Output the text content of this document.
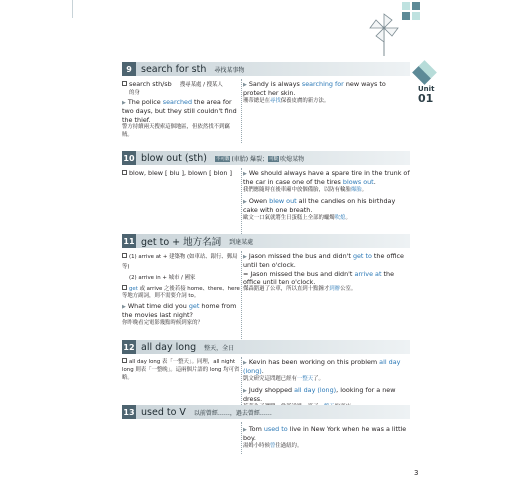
Unit
01
9 search for sth 尋找某事物
search sth/sb 搜尋某處 / 搜某人
的身
▶ The police searched the area for two days, but they still couldn't find the thief.
警方持續兩天搜索這個地區，但依然找不到竊賊。
▶ Sandy is always searching for new ways to protect her skin.
珊蒂總是在尋找保養皮膚的新方法。
10 blow out (sth) 不可數 (車胎) 爆裂；可數 吹熄某物
blow, blew [ blu ], blown [ blon ]	▶ We should always have a spare tire in the trunk of the car in case one of the tires blows out.
我們應隨時在後車廂中放個備胎，以防有輪胎爆胎。
▶ Owen blew out all the candles on his birthday cake with one breath.
歐文一口氣就將生日蛋糕上全部的蠟燭吹熄。
11 get to + 地方名詞 到達某處
(1) arrive at + 建築物 (如車站、銀行、郵局等)
(2) arrive in + 城市 / 國家
get 或 arrive 之後若接 home、there、here 等地方副詞，則不需要介詞 to。
▶ What time did you get home from the movies last night?
你昨晚看完電影幾點時候到家的？
▶ Jason missed the bus and didn't get to the office until ten o'clock.
= Jason missed the bus and didn't arrive at the office until ten o'clock.
傑森錯過了公車，所以直到十點鐘才到辦公室。
12 all day long 整天，全日
all day long 表「一整天」。同理，all night long 則表「一整晚」。這兩個片語的 long 均可省略。
▶ Kevin has been working on this problem all day (long).
凱文研究這問題已經有一整天了。
▶ Judy shopped all day (long), looking for a new dress.
13 used to V 以前曾經……，過去曾經……
▶ Tom used to live in New York when he was a little boy.
湯姆小時候曾住過紐約。
3
